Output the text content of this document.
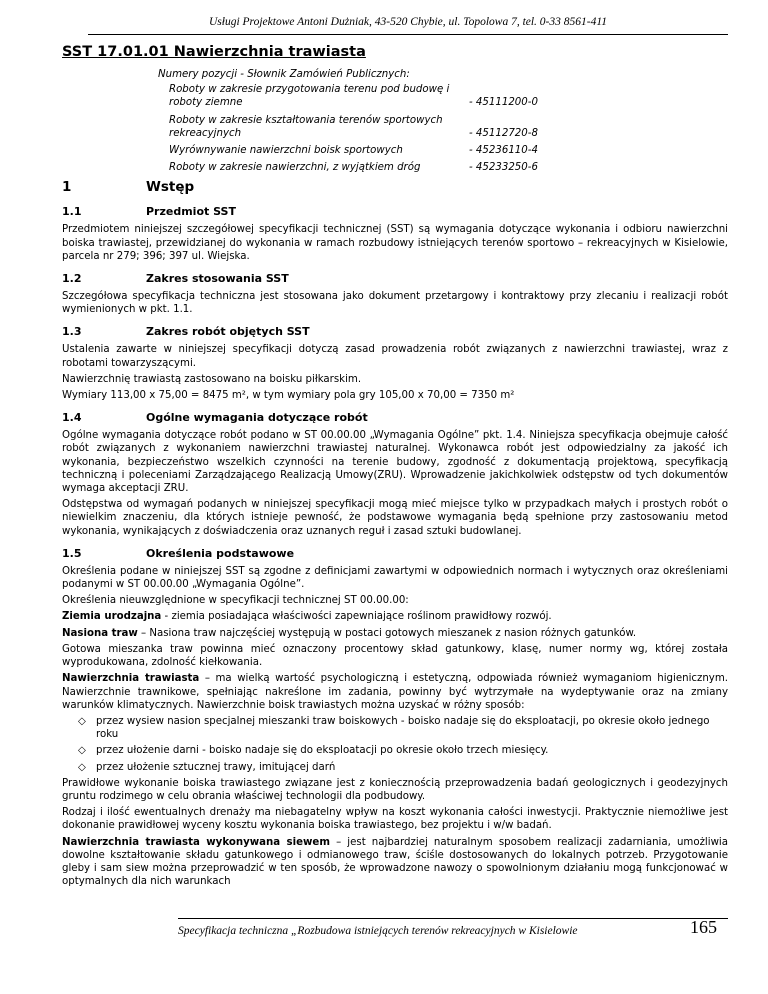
Usługi Projektowe Antoni Dużniak, 43-520 Chybie, ul. Topolowa 7, tel. 0-33 8561-411
SST 17.01.01 Nawierzchnia trawiasta
Numery pozycji - Słownik Zamówień Publicznych:
Roboty w zakresie przygotowania terenu pod budowę i roboty ziemne	- 45111200-0
Roboty w zakresie kształtowania terenów sportowych rekreacyjnych	- 45112720-8
Wyrównywanie nawierzchni boisk sportowych	- 45236110-4
Roboty w zakresie nawierzchni, z wyjątkiem dróg	- 45233250-6
1	Wstęp
1.1	Przedmiot SST

Przedmiotem niniejszej szczegółowej specyfikacji technicznej (SST) są wymagania dotyczące wykonania i odbioru nawierzchni boiska trawiastej, przewidzianej do wykonania w ramach rozbudowy istniejących terenów sportowo – rekreacyjnych w Kisielowie, parcela nr 279; 396; 397 ul. Wiejska.

1.2	Zakres stosowania SST

Szczegółowa specyfikacja techniczna jest stosowana jako dokument przetargowy i kontraktowy przy zlecaniu i realizacji robót wymienionych w pkt. 1.1.

1.3	Zakres robót objętych SST

Ustalenia zawarte w niniejszej specyfikacji dotyczą zasad prowadzenia robót związanych z nawierzchni trawiastej, wraz z robotami towarzyszącymi.

Nawierzchnię trawiastą zastosowano na boisku piłkarskim.

Wymiary 113,00 x 75,00 = 8475 m², w tym wymiary pola gry 105,00 x 70,00 = 7350 m²

1.4	Ogólne wymagania dotyczące robót

Ogólne wymagania dotyczące robót podano w ST 00.00.00 „Wymagania Ogólne” pkt. 1.4. Niniejsza specyfikacja obejmuje całość robót związanych z wykonaniem nawierzchni trawiastej naturalnej. Wykonawca robót jest odpowiedzialny za jakość ich wykonania, bezpieczeństwo wszelkich czynności na terenie budowy, zgodność z dokumentacją projektową, specyfikacją techniczną i poleceniami Zarządzającego Realizacją Umowy(ZRU). Wprowadzenie jakichkolwiek odstępstw od tych dokumentów wymaga akceptacji ZRU.

Odstępstwa od wymagań podanych w niniejszej specyfikacji mogą mieć miejsce tylko w przypadkach małych i prostych robót o niewielkim znaczeniu, dla których istnieje pewność, że podstawowe wymagania będą spełnione przy zastosowaniu metod wykonania, wynikających z doświadczenia oraz uznanych reguł i zasad sztuki budowlanej.

1.5	Określenia podstawowe

Określenia podane w niniejszej SST są zgodne z definicjami zawartymi w odpowiednich normach i wytycznych oraz określeniami podanymi w ST 00.00.00 „Wymagania Ogólne”.

Określenia nieuwzględnione w specyfikacji technicznej ST 00.00.00:

Ziemia urodzajna - ziemia posiadająca właściwości zapewniające roślinom prawidłowy rozwój.

Nasiona traw – Nasiona traw najczęściej występują w postaci gotowych mieszanek z nasion różnych gatunków.

Gotowa mieszanka traw powinna mieć oznaczony procentowy skład gatunkowy, klasę, numer normy wg, której została wyprodukowana, zdolność kiełkowania.

Nawierzchnia trawiasta – ma wielką wartość psychologiczną i estetyczną, odpowiada również wymaganiom higienicznym. Nawierzchnie trawnikowe, spełniając nakreślone im zadania, powinny być wytrzymałe na wydeptywanie oraz na zmiany warunków klimatycznych. Nawierzchnie boisk trawiastych można uzyskać w różny sposób:

◇ przez wysiew nasion specjalnej mieszanki traw boiskowych - boisko nadaje się do eksploatacji, po okresie około jednego roku
◇ przez ułożenie darni - boisko nadaje się do eksploatacji po okresie około trzech miesięcy.
◇ przez ułożenie sztucznej trawy, imitującej darń

Prawidłowe wykonanie boiska trawiastego związane jest z koniecznością przeprowadzenia badań geologicznych i geodezyjnych gruntu rodzimego w celu obrania właściwej technologii dla podbudowy.

Rodzaj i ilość ewentualnych drenaży ma niebagatelny wpływ na koszt wykonania całości inwestycji. Praktycznie niemożliwe jest dokonanie prawidłowej wyceny kosztu wykonania boiska trawiastego, bez projektu i w/w badań.

Nawierzchnia trawiasta wykonywana siewem – jest najbardziej naturalnym sposobem realizacji zadarniania, umożliwia dowolne kształtowanie składu gatunkowego i odmianowego traw, ściśle dostosowanych do lokalnych potrzeb. Przygotowanie gleby i sam siew można przeprowadzić w ten sposób, że wprowadzone nawozy o spowolnionym działaniu mogą funkcjonować w optymalnych dla nich warunkach

Specyfikacja techniczna „Rozbudowa istniejących terenów rekreacyjnych w Kisielowie	165
